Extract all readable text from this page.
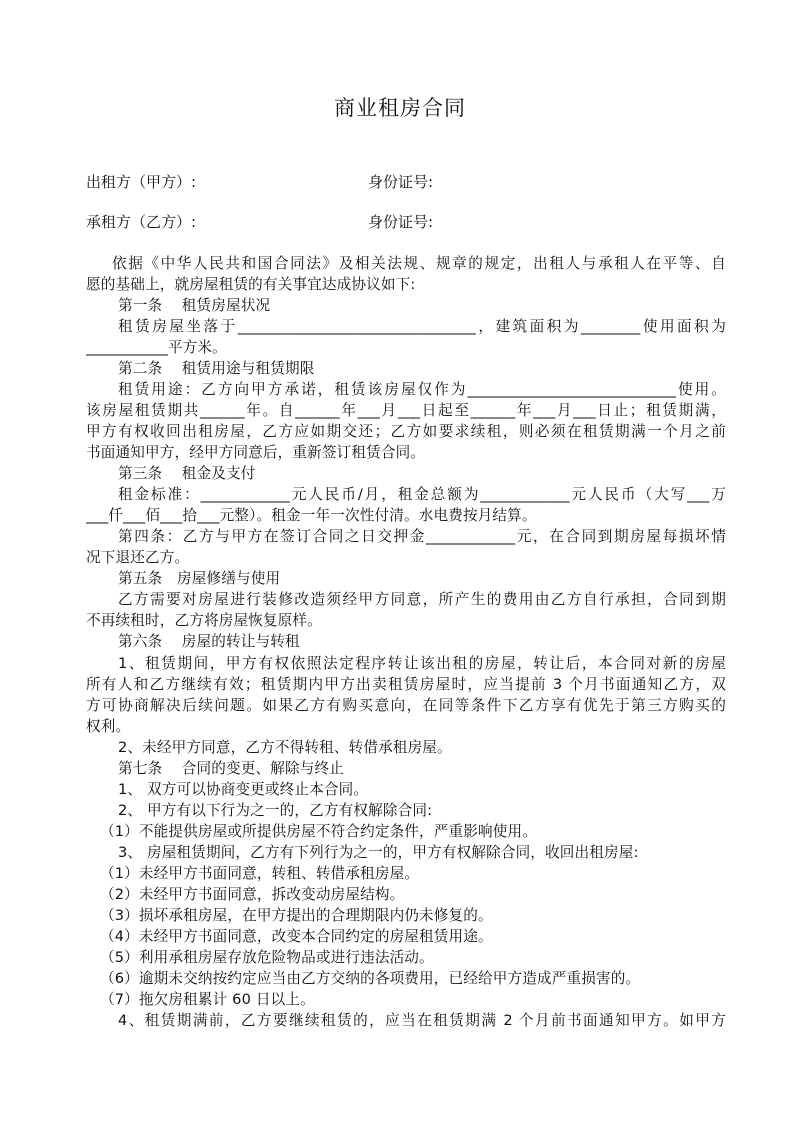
商业租房合同
出租方（甲方）:	身份证号:
承租方（乙方）:	身份证号:
依据《中华人民共和国合同法》及相关法规、规章的规定，出租人与承租人在平等、自
愿的基础上，就房屋租赁的有关事宜达成协议如下:
第一条　 租赁房屋状况
租赁房屋坐落于________________________________，建筑面积为________使用面积为
___________平方米。
第二条　 租赁用途与租赁期限
租赁用途：乙方向甲方承诺，租赁该房屋仅作为____________________________使用。
该房屋租赁期共______年。自______年___月___日起至______年___月___日止；租赁期满，
甲方有权收回出租房屋，乙方应如期交还；乙方如要求续租，则必须在租赁期满一个月之前
书面通知甲方，经甲方同意后，重新签订租赁合同。
第三条　 租金及支付
租金标准：____________元人民币/月，租金总额为____________元人民币（大写___万
___仟___佰___拾___元整）。租金一年一次性付清。水电费按月结算。
第四条：乙方与甲方在签订合同之日交押金____________元，在合同到期房屋每损坏情
况下退还乙方。
第五条　房屋修缮与使用
乙方需要对房屋进行装修改造须经甲方同意，所产生的费用由乙方自行承担，合同到期
不再续租时，乙方将房屋恢复原样。
第六条　 房屋的转让与转租
1、租赁期间，甲方有权依照法定程序转让该出租的房屋，转让后，本合同对新的房屋
所有人和乙方继续有效；租赁期内甲方出卖租赁房屋时，应当提前 3 个月书面通知乙方，双
方可协商解决后续问题。如果乙方有购买意向，在同等条件下乙方享有优先于第三方购买的
权利。
2、未经甲方同意，乙方不得转租、转借承租房屋。
第七条　 合同的变更、解除与终止
1、 双方可以协商变更或终止本合同。
2、 甲方有以下行为之一的，乙方有权解除合同:
（1）不能提供房屋或所提供房屋不符合约定条件，严重影响使用。
3、 房屋租赁期间，乙方有下列行为之一的，甲方有权解除合同，收回出租房屋:
（1）未经甲方书面同意，转租、转借承租房屋。
（2）未经甲方书面同意，拆改变动房屋结构。
（3）损坏承租房屋，在甲方提出的合理期限内仍未修复的。
（4）未经甲方书面同意，改变本合同约定的房屋租赁用途。
（5）利用承租房屋存放危险物品或进行违法活动。
（6）逾期未交纳按约定应当由乙方交纳的各项费用，已经给甲方造成严重损害的。
（7）拖欠房租累计 60 日以上。
4、租赁期满前，乙方要继续租赁的，应当在租赁期满 2 个月前书面通知甲方。如甲方
